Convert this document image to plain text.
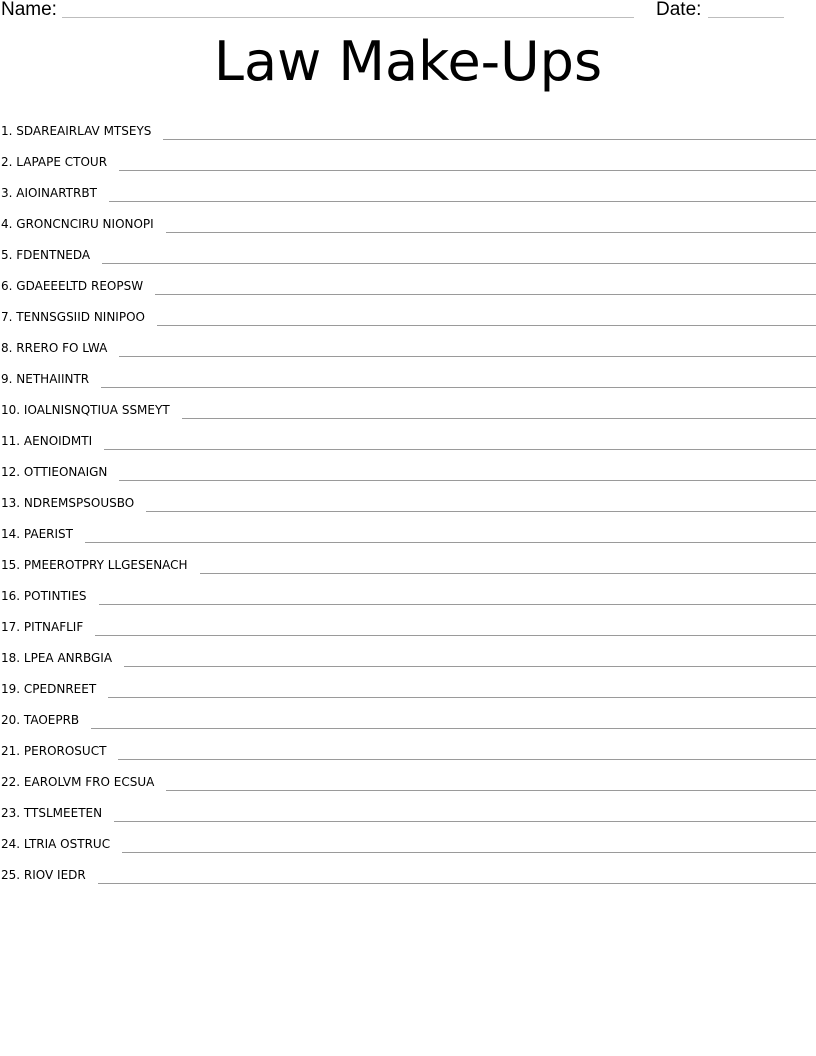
Name:	Date:
Law Make-Ups
1 . SDAREAIRLAV MTSEYS
2 . LAPAPE CTOUR
3 . AIOINARTRBT
4 . GRONCNCIRU NIONOPI
5 . FDENTNEDA
6 . GDAEEELTD REOPSW
7 . TENNSGSIID NINIPOO
8 . RRERO FO LWA
9 . NETHAIINTR
10 . IOALNISNQTIUA SSMEYT
11 . AENOIDMTI
12 . OTTIEONAIGN
13 . NDREMSPSOUSBO
14 . PAERIST
15 . PMEEROTPRY LLGESENACH
16 . POTINTIES
17 . PITNAFLIF
18 . LPEA ANRBGIA
19 . CPEDNREET
20 . TAOEPRB
21 . PEROROSUCT
22 . EAROLVM FRO ECSUA
23 . TTSLMEETEN
24 . LTRIA OSTRUC
25 . RIOV IEDR
